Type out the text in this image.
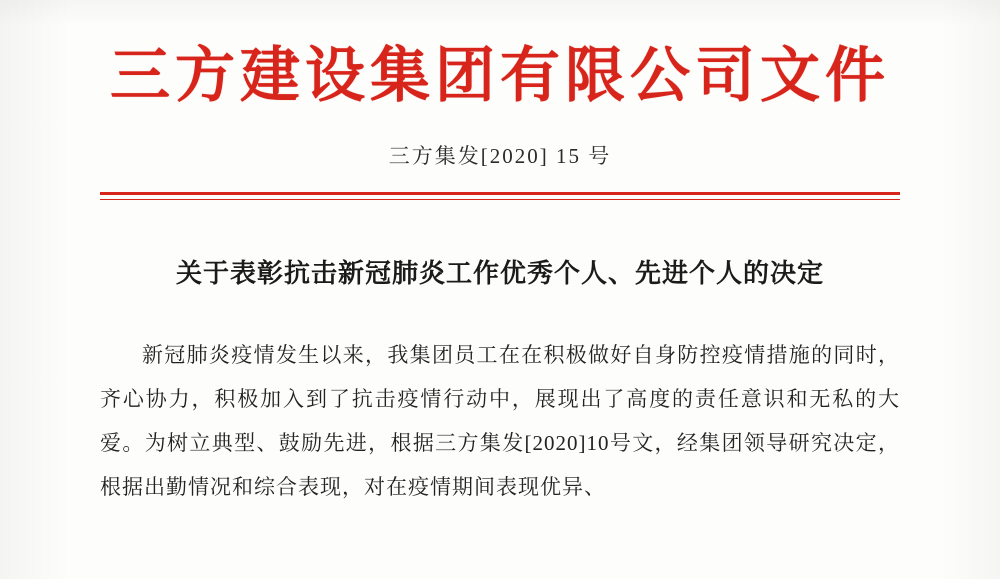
三方建设集团有限公司文件
三方集发[2020] 15 号
关于表彰抗击新冠肺炎工作优秀个人、先进个人的决定
新冠肺炎疫情发生以来，我集团员工在在积极做好自身防控疫情措施的同时，齐心协力，积极加入到了抗击疫情行动中，展现出了高度的责任意识和无私的大爱。为树立典型、鼓励先进，根据三方集发[2020]10号文，经集团领导研究决定，根据出勤情况和综合表现，对在疫情期间表现优异、
